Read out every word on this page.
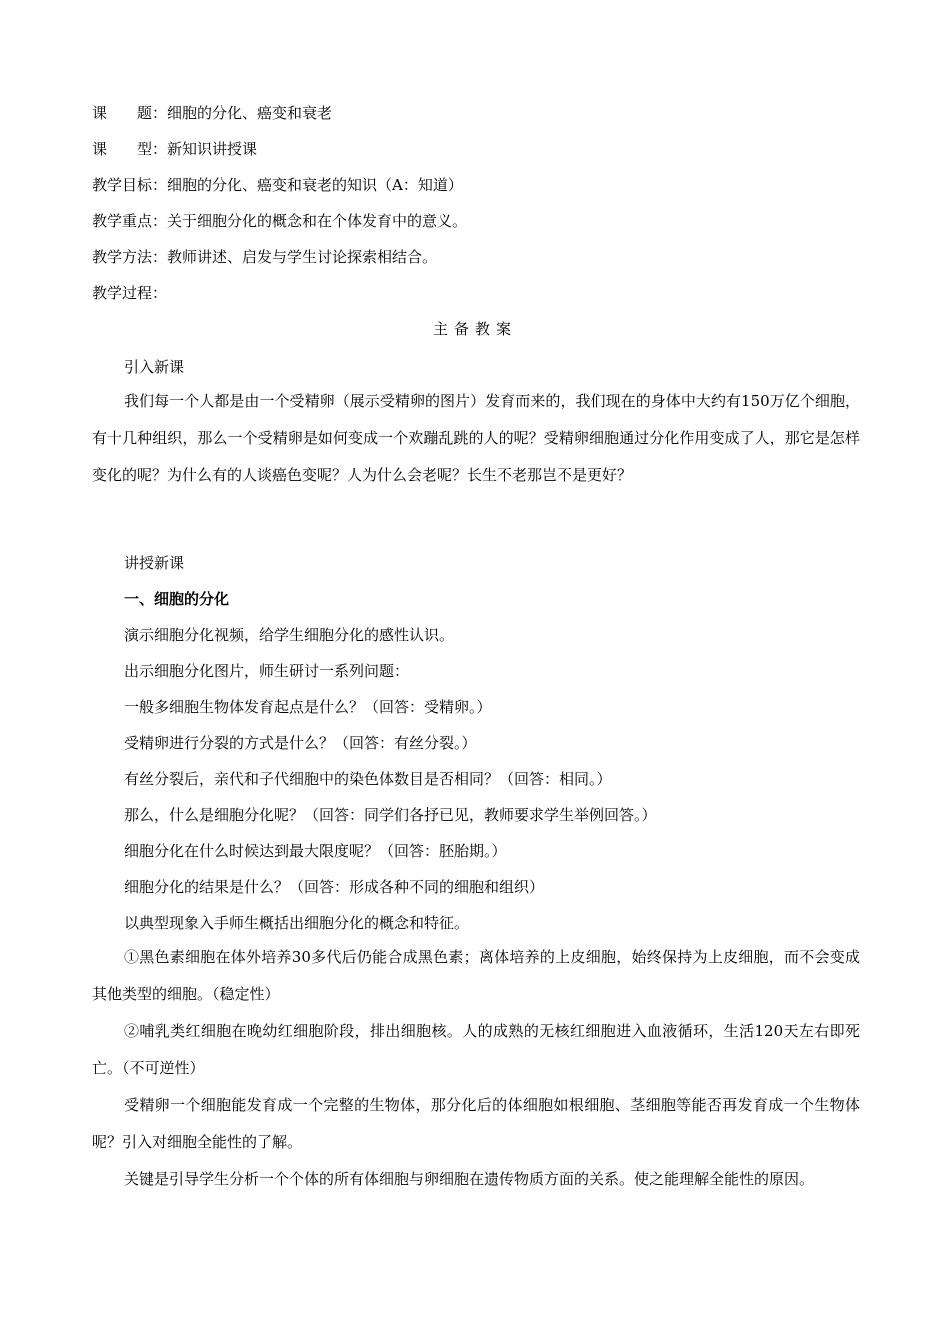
课　　题：细胞的分化、癌变和衰老
课　　型：新知识讲授课
教学目标：细胞的分化、癌变和衰老的知识（A：知道）
教学重点：关于细胞分化的概念和在个体发育中的意义。
教学方法：教师讲述、启发与学生讨论探索相结合。
教学过程：
主备教案
引入新课
我们每一个人都是由一个受精卵（展示受精卵的图片）发育而来的，我们现在的身体中大约有150万亿个细胞，有十几种组织，那么一个受精卵是如何变成一个欢蹦乱跳的人的呢？受精卵细胞通过分化作用变成了人，那它是怎样变化的呢？为什么有的人谈癌色变呢？人为什么会老呢？长生不老那岂不是更好？
讲授新课
一、细胞的分化
演示细胞分化视频，给学生细胞分化的感性认识。
出示细胞分化图片，师生研讨一系列问题：
一般多细胞生物体发育起点是什么？（回答：受精卵。）
受精卵进行分裂的方式是什么？（回答：有丝分裂。）
有丝分裂后，亲代和子代细胞中的染色体数目是否相同？（回答：相同。）
那么，什么是细胞分化呢？（回答：同学们各抒已见，教师要求学生举例回答。）
细胞分化在什么时候达到最大限度呢？（回答：胚胎期。）
细胞分化的结果是什么？（回答：形成各种不同的细胞和组织）
以典型现象入手师生概括出细胞分化的概念和特征。
①黑色素细胞在体外培养30多代后仍能合成黑色素；离体培养的上皮细胞，始终保持为上皮细胞，而不会变成其他类型的细胞。（稳定性）
②哺乳类红细胞在晚幼红细胞阶段，排出细胞核。人的成熟的无核红细胞进入血液循环，生活120天左右即死亡。（不可逆性）
受精卵一个细胞能发育成一个完整的生物体，那分化后的体细胞如根细胞、茎细胞等能否再发育成一个生物体呢？引入对细胞全能性的了解。
关键是引导学生分析一个个体的所有体细胞与卵细胞在遗传物质方面的关系。使之能理解全能性的原因。
